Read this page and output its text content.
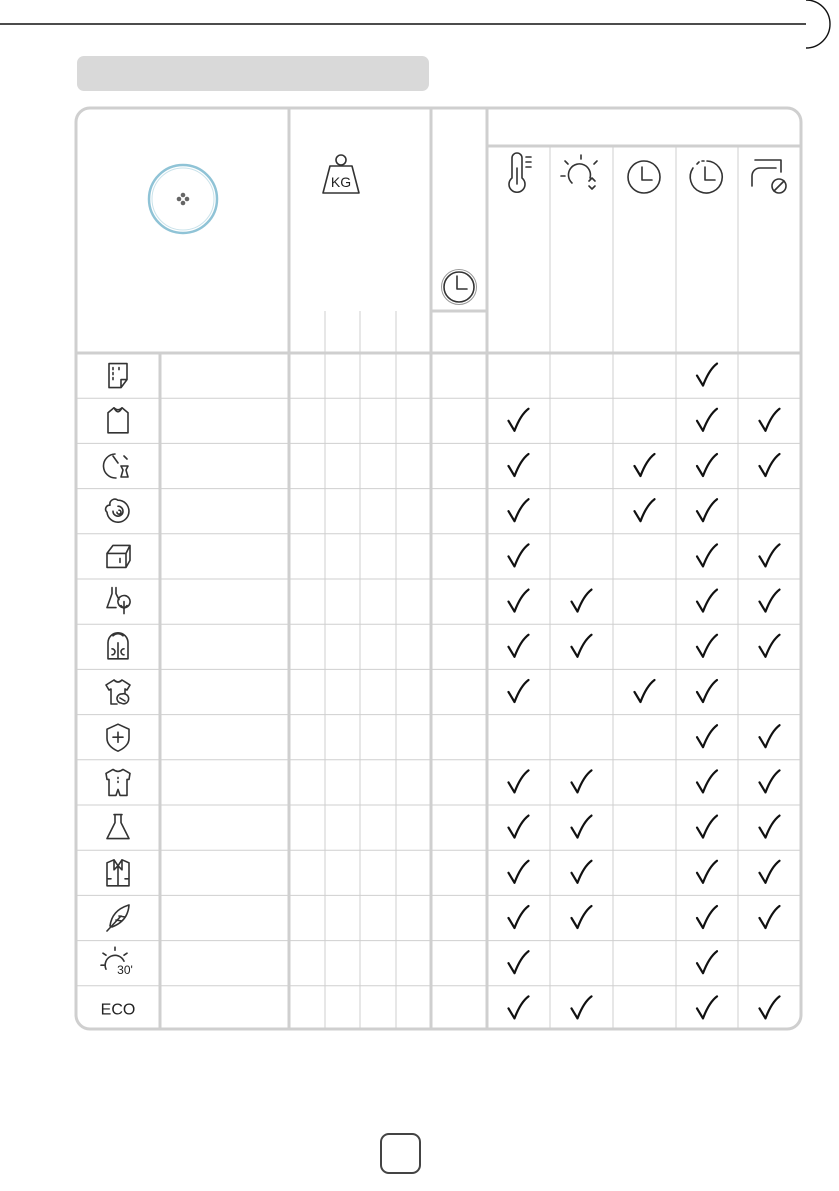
KG
30'
ECO
